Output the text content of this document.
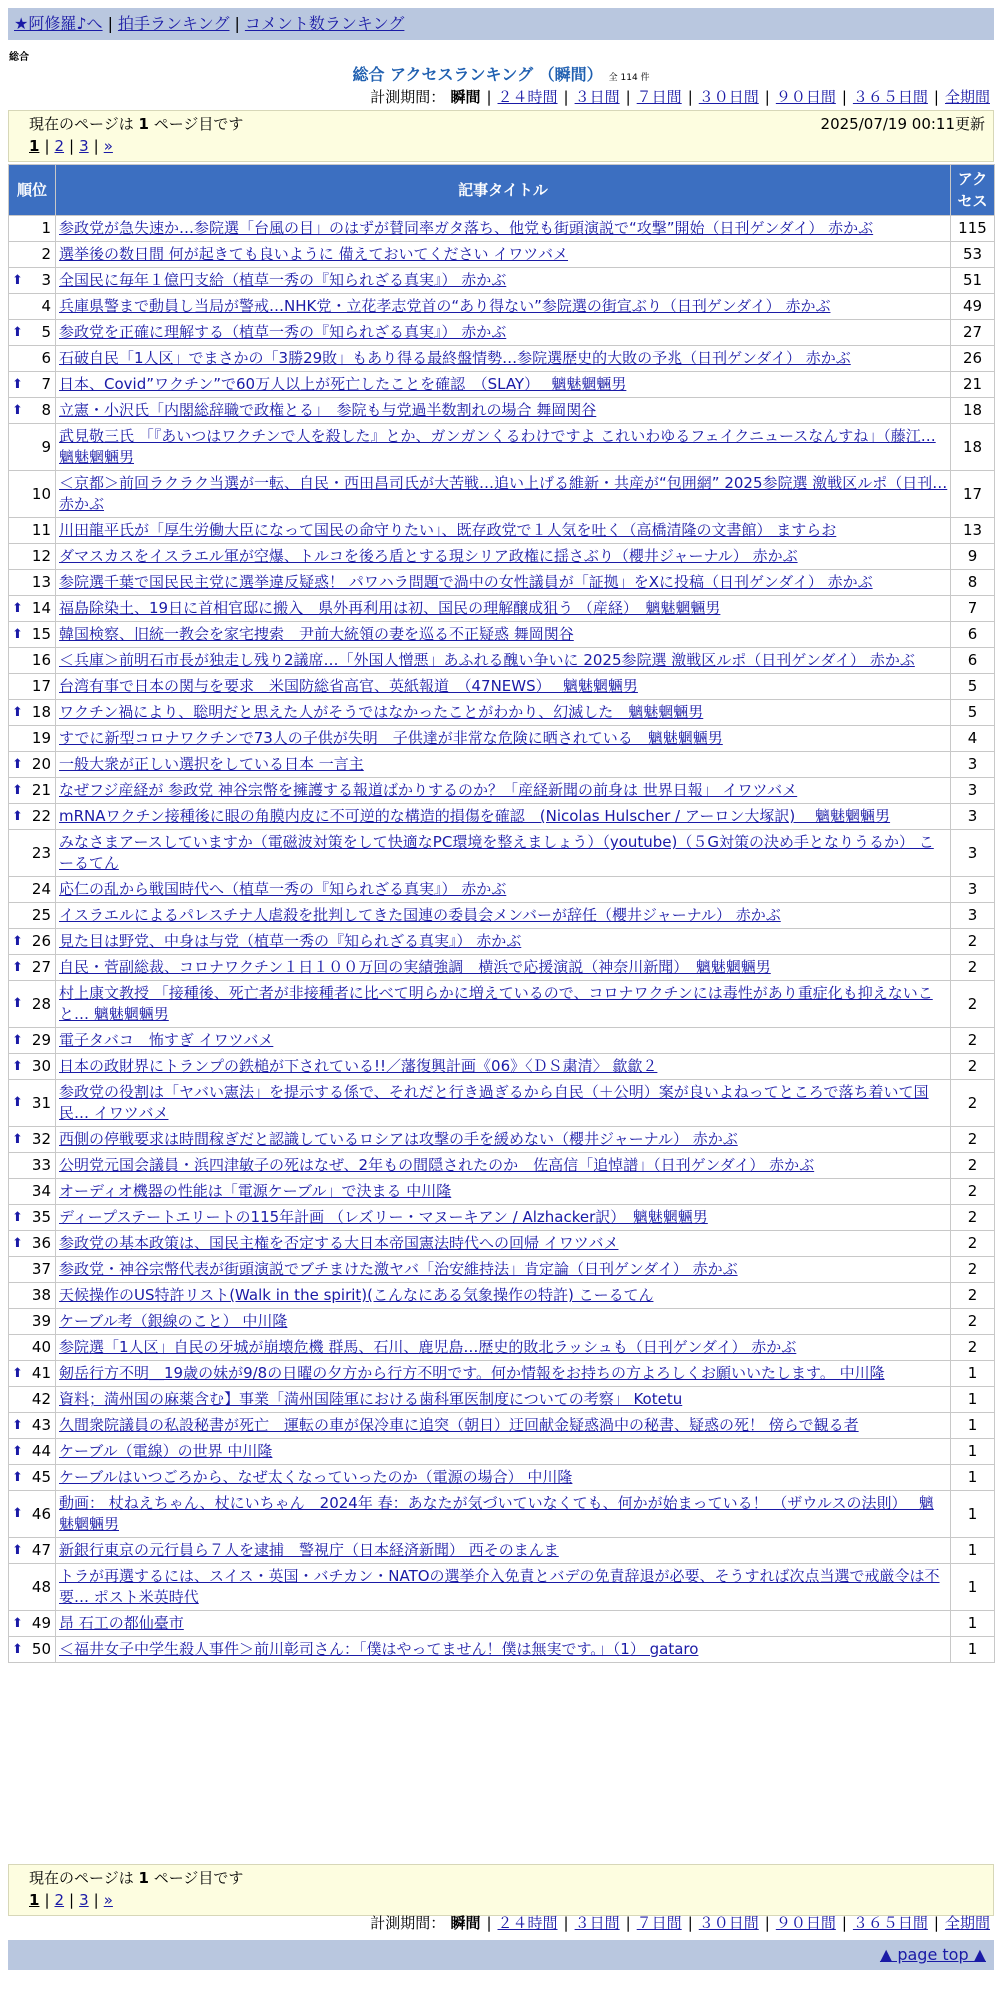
★阿修羅♪へ | 拍手ランキング | コメント数ランキング
総合
総合 アクセスランキング （瞬間） 全 114 件
計測期間： 瞬間 | ２４時間 | ３日間 | ７日間 | ３０日間 | ９０日間 | ３６５日間 | 全期間
現在のページは 1 ページ目です	2025/07/19 00:11更新
1 | 2 | 3 | »
順位	記事タイトル	アクセス
1	参政党が急失速か…参院選「台風の目」のはずが賛同率ガタ落ち、他党も街頭演説で“攻撃”開始（日刊ゲンダイ） 赤かぶ	115
2	選挙後の数日間 何が起きても良いように 備えておいてください イワツバメ	53

⬆ 3	全国民に毎年１億円支給（植草一秀の『知られざる真実』） 赤かぶ	51
4	兵庫県警まで動員し当局が警戒…NHK党・立花孝志党首の“あり得ない”参院選の街宣ぶり（日刊ゲンダイ） 赤かぶ	49

⬆ 5	参政党を正確に理解する（植草一秀の『知られざる真実』） 赤かぶ	27
6	石破自民「1人区」でまさかの「3勝29敗」もあり得る最終盤情勢…参院選歴史的大敗の予兆（日刊ゲンダイ） 赤かぶ	26

⬆ 7	日本、Covid”ワクチン”で60万人以上が死亡したことを確認　（SLAY）　 魑魅魍魎男	21

⬆ 8	立憲・小沢氏「内閣総辞職で政権とる」　参院も与党過半数割れの場合 舞岡関谷	18
9	武見敬三氏 「『あいつはワクチンで人を殺した』とか、ガンガンくるわけですよ これいわゆるフェイクニュースなんすね」（藤江… 魑魅魍魎男	18
10	＜京都＞前回ラクラク当選が一転、自民・西田昌司氏が大苦戦…追い上げる維新・共産が“包囲網” 2025参院選 激戦区ルポ（日刊… 赤かぶ	17
11	川田龍平氏が「厚生労働大臣になって国民の命守りたい」、既存政党で１人気を吐く（高橋清隆の文書館） ますらお	13
12	ダマスカスをイスラエル軍が空爆、トルコを後ろ盾とする現シリア政権に揺さぶり（櫻井ジャーナル） 赤かぶ	9
13	参院選千葉で国民民主党に選挙違反疑惑！ パワハラ問題で渦中の女性議員が「証拠」をXに投稿（日刊ゲンダイ） 赤かぶ	8

⬆ 14	福島除染土、19日に首相官邸に搬入　県外再利用は初、国民の理解醸成狙う （産経）　魑魅魍魎男	7

⬆ 15	韓国検察、旧統一教会を家宅捜索　尹前大統領の妻を巡る不正疑惑 舞岡関谷	6
16	＜兵庫＞前明石市長が独走し残り2議席…「外国人憎悪」あふれる醜い争いに 2025参院選 激戦区ルポ（日刊ゲンダイ） 赤かぶ	6
17	台湾有事で日本の関与を要求　米国防総省高官、英紙報道　（47NEWS）　 魑魅魍魎男	5

⬆ 18	ワクチン禍により、聡明だと思えた人がそうではなかったことがわかり、幻滅した　魑魅魍魎男	5
19	すでに新型コロナワクチンで73人の子供が失明　子供達が非常な危険に晒されている　魑魅魍魎男	4

⬆ 20	一般大衆が正しい選択をしている日本 一言主	3

⬆ 21	なぜフジ産経が 参政党 神谷宗幣を擁護する報道ばかりするのか？「産経新聞の前身は 世界日報」 イワツバメ	3

⬆ 22	mRNAワクチン接種後に眼の角膜内皮に不可逆的な構造的損傷を確認　(Nicolas Hulscher / アーロン大塚訳)　 魑魅魍魎男	3
23	みなさまアースしていますか（電磁波対策をして快適なPC環境を整えましょう）（youtube)（５G対策の決め手となりうるか） こーるてん	3
24	応仁の乱から戦国時代へ（植草一秀の『知られざる真実』） 赤かぶ	3
25	イスラエルによるパレスチナ人虐殺を批判してきた国連の委員会メンバーが辞任（櫻井ジャーナル） 赤かぶ	3

⬆ 26	見た目は野党、中身は与党（植草一秀の『知られざる真実』） 赤かぶ	2

⬆ 27	自民・菅副総裁、コロナワクチン１日１００万回の実績強調　横浜で応援演説（神奈川新聞）　魑魅魍魎男	2

⬆ 28	村上康文教授 「接種後、死亡者が非接種者に比べて明らかに増えているので、コロナワクチンには毒性があり重症化も抑えないこと… 魑魅魍魎男	2

⬆ 29	電子タバコ　怖すぎ イワツバメ	2

⬆ 30	日本の政財界にトランプの鉄槌が下されている!!／藩復興計画《06》〈ＤＳ粛清〉 歙歙２	2

⬆ 31	参政党の役割は「ヤバい憲法」を提示する係で、それだと行き過ぎるから自民（＋公明）案が良いよねってところで落ち着いて国民… イワツバメ	2

⬆ 32	西側の停戦要求は時間稼ぎだと認識しているロシアは攻撃の手を緩めない（櫻井ジャーナル） 赤かぶ	2
33	公明党元国会議員・浜四津敏子の死はなぜ、2年もの間隠されたのか　佐高信「追悼譜」（日刊ゲンダイ） 赤かぶ	2
34	オーディオ機器の性能は「電源ケーブル」で決まる 中川隆	2

⬆ 35	ディープステートエリートの115年計画 （レズリー・マヌーキアン / Alzhacker訳）　魑魅魍魎男	2

⬆ 36	参政党の基本政策は、国民主権を否定する大日本帝国憲法時代への回帰 イワツバメ	2
37	参政党・神谷宗幣代表が街頭演説でブチまけた激ヤバ「治安維持法」肯定論（日刊ゲンダイ） 赤かぶ	2
38	天候操作のUS特許リスト(Walk in the spirit)(こんなにある気象操作の特許) こーるてん	2
39	ケーブル考（銀線のこと） 中川隆	2
40	参院選「1人区」自民の牙城が崩壊危機 群馬、石川、鹿児島…歴史的敗北ラッシュも（日刊ゲンダイ） 赤かぶ	2

⬆ 41	剱岳行方不明＿19歳の妹が9/8の日曜の夕方から行方不明です。何か情報をお持ちの方よろしくお願いいたします。 中川隆	1
42	資料；満州国の麻薬含む】事業「満州国陸軍における歯科軍医制度についての考察」 Kotetu	1

⬆ 43	久間衆院議員の私設秘書が死亡　運転の車が保冷車に追突（朝日）迂回献金疑惑渦中の秘書、疑惑の死！ 傍らで観る者	1

⬆ 44	ケーブル（電線）の世界 中川隆	1

⬆ 45	ケーブルはいつごろから、なぜ太くなっていったのか（電源の場合） 中川隆	1

⬆ 46	動画： 杖ねえちゃん、杖にいちゃん　2024年 春：あなたが気づいていなくても、何かが始まっている！ （ザウルスの法則）　 魑魅魍魎男	1

⬆ 47	新銀行東京の元行員ら７人を逮捕　警視庁（日本経済新聞） 西そのまんま	1
48	トラが再選するには、スイス・英国・バチカン・NATOの選挙介入免責とバデの免責辞退が必要、そうすれば次点当選で戒厳令は不要… ポスト米英時代	1

⬆ 49	昂 石工の都仙臺市	1

⬆ 50	＜福井女子中学生殺人事件＞前川彰司さん：「僕はやってません！僕は無実です。」（1） gataro	1
現在のページは 1 ページ目です
1 | 2 | 3 | »
計測期間： 瞬間 | ２４時間 | ３日間 | ７日間 | ３０日間 | ９０日間 | ３６５日間 | 全期間
▲ page top ▲
